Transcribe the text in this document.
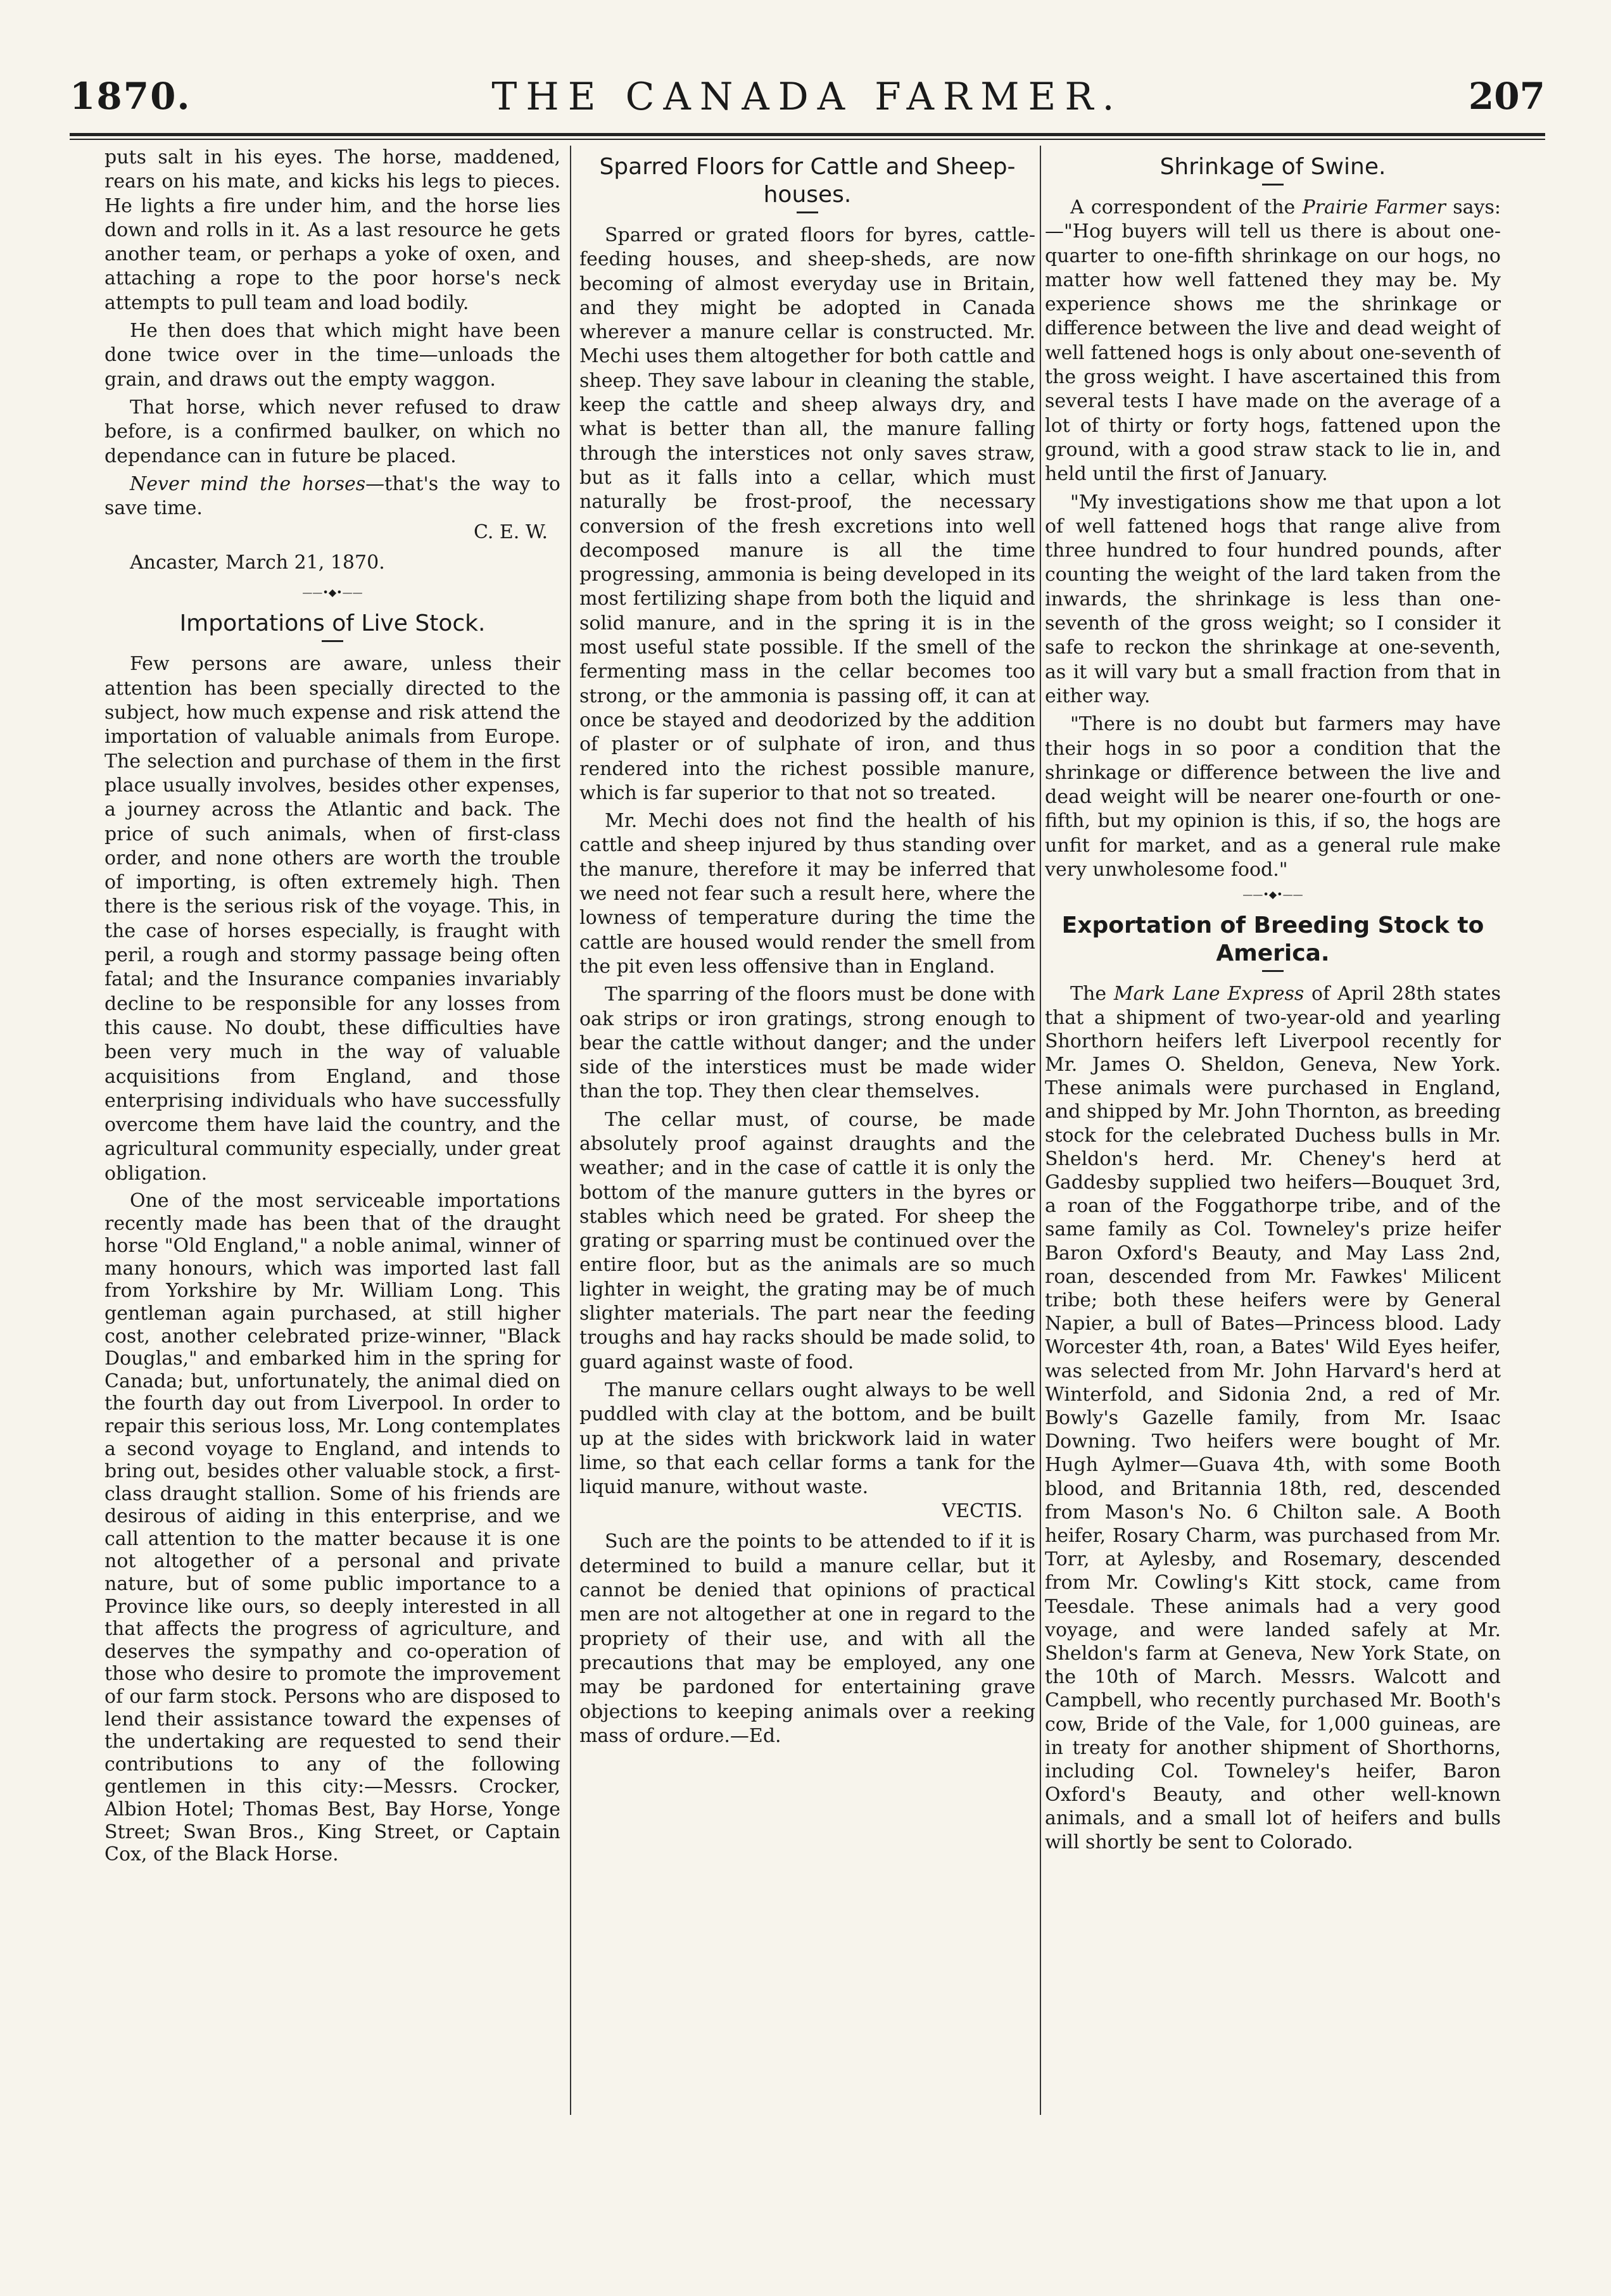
1870.	THE CANADA FARMER.	207

puts salt in his eyes. The horse, maddened, rears on his mate, and kicks his legs to pieces. He lights a fire under him, and the horse lies down and rolls in it. As a last resource he gets another team, or perhaps a yoke of oxen, and attaching a rope to the poor horse's neck attempts to pull team and load bodily.

He then does that which might have been done twice over in the time—unloads the grain, and draws out the empty waggon.

That horse, which never refused to draw before, is a confirmed baulker, on which no dependance can in future be placed.

Never mind the horses—that's the way to save time.

C. E. W.
Ancaster, March 21, 1870.
——•◆•——
Importations of Live Stock.

Few persons are aware, unless their attention has been specially directed to the subject, how much expense and risk attend the importation of valuable animals from Europe. The selection and purchase of them in the first place usually involves, besides other expenses, a journey across the Atlantic and back. The price of such animals, when of first-class order, and none others are worth the trouble of importing, is often extremely high. Then there is the serious risk of the voyage. This, in the case of horses especially, is fraught with peril, a rough and stormy passage being often fatal; and the Insurance companies invariably decline to be responsible for any losses from this cause. No doubt, these difficulties have been very much in the way of valuable acquisitions from England, and those enterprising individuals who have successfully overcome them have laid the country, and the agricultural community especially, under great obligation.

One of the most serviceable importations recently made has been that of the draught horse "Old England," a noble animal, winner of many honours, which was imported last fall from Yorkshire by Mr. William Long. This gentleman again purchased, at still higher cost, another celebrated prize-winner, "Black Douglas," and embarked him in the spring for Canada; but, unfortunately, the animal died on the fourth day out from Liverpool. In order to repair this serious loss, Mr. Long contemplates a second voyage to England, and intends to bring out, besides other valuable stock, a first-class draught stallion. Some of his friends are desirous of aiding in this enterprise, and we call attention to the matter because it is one not altogether of a personal and private nature, but of some public importance to a Province like ours, so deeply interested in all that affects the progress of agriculture, and deserves the sympathy and co-operation of those who desire to promote the improvement of our farm stock. Persons who are disposed to lend their assistance toward the expenses of the undertaking are requested to send their contributions to any of the following gentlemen in this city:—Messrs. Crocker, Albion Hotel; Thomas Best, Bay Horse, Yonge Street; Swan Bros., King Street, or Captain Cox, of the Black Horse.

Sparred Floors for Cattle and Sheep-houses.

Sparred or grated floors for byres, cattle-feeding houses, and sheep-sheds, are now becoming of almost everyday use in Britain, and they might be adopted in Canada wherever a manure cellar is constructed. Mr. Mechi uses them altogether for both cattle and sheep. They save labour in cleaning the stable, keep the cattle and sheep always dry, and what is better than all, the manure falling through the interstices not only saves straw, but as it falls into a cellar, which must naturally be frost-proof, the necessary conversion of the fresh excretions into well decomposed manure is all the time progressing, ammonia is being developed in its most fertilizing shape from both the liquid and solid manure, and in the spring it is in the most useful state possible. If the smell of the fermenting mass in the cellar becomes too strong, or the ammonia is passing off, it can at once be stayed and deodorized by the addition of plaster or of sulphate of iron, and thus rendered into the richest possible manure, which is far superior to that not so treated.

Mr. Mechi does not find the health of his cattle and sheep injured by thus standing over the manure, therefore it may be inferred that we need not fear such a result here, where the lowness of temperature during the time the cattle are housed would render the smell from the pit even less offensive than in England.

The sparring of the floors must be done with oak strips or iron gratings, strong enough to bear the cattle without danger; and the under side of the interstices must be made wider than the top. They then clear themselves.

The cellar must, of course, be made absolutely proof against draughts and the weather; and in the case of cattle it is only the bottom of the manure gutters in the byres or stables which need be grated. For sheep the grating or sparring must be continued over the entire floor, but as the animals are so much lighter in weight, the grating may be of much slighter materials. The part near the feeding troughs and hay racks should be made solid, to guard against waste of food.

The manure cellars ought always to be well puddled with clay at the bottom, and be built up at the sides with brickwork laid in water lime, so that each cellar forms a tank for the liquid manure, without waste.

VECTIS.

Such are the points to be attended to if it is determined to build a manure cellar, but it cannot be denied that opinions of practical men are not altogether at one in regard to the propriety of their use, and with all the precautions that may be employed, any one may be pardoned for entertaining grave objections to keeping animals over a reeking mass of ordure.—Ed.

Shrinkage of Swine.

A correspondent of the Prairie Farmer says:—"Hog buyers will tell us there is about one-quarter to one-fifth shrinkage on our hogs, no matter how well fattened they may be. My experience shows me the shrinkage or difference between the live and dead weight of well fattened hogs is only about one-seventh of the gross weight. I have ascertained this from several tests I have made on the average of a lot of thirty or forty hogs, fattened upon the ground, with a good straw stack to lie in, and held until the first of January.

"My investigations show me that upon a lot of well fattened hogs that range alive from three hundred to four hundred pounds, after counting the weight of the lard taken from the inwards, the shrinkage is less than one-seventh of the gross weight; so I consider it safe to reckon the shrinkage at one-seventh, as it will vary but a small fraction from that in either way.

"There is no doubt but farmers may have their hogs in so poor a condition that the shrinkage or difference between the live and dead weight will be nearer one-fourth or one-fifth, but my opinion is this, if so, the hogs are unfit for market, and as a general rule make very unwholesome food."

——•◆•——
Exportation of Breeding Stock to America.

The Mark Lane Express of April 28th states that a shipment of two-year-old and yearling Shorthorn heifers left Liverpool recently for Mr. James O. Sheldon, Geneva, New York. These animals were purchased in England, and shipped by Mr. John Thornton, as breeding stock for the celebrated Duchess bulls in Mr. Sheldon's herd. Mr. Cheney's herd at Gaddesby supplied two heifers—Bouquet 3rd, a roan of the Foggathorpe tribe, and of the same family as Col. Towneley's prize heifer Baron Oxford's Beauty, and May Lass 2nd, roan, descended from Mr. Fawkes' Milicent tribe; both these heifers were by General Napier, a bull of Bates—Princess blood. Lady Worcester 4th, roan, a Bates' Wild Eyes heifer, was selected from Mr. John Harvard's herd at Winterfold, and Sidonia 2nd, a red of Mr. Bowly's Gazelle family, from Mr. Isaac Downing. Two heifers were bought of Mr. Hugh Aylmer—Guava 4th, with some Booth blood, and Britannia 18th, red, descended from Mason's No. 6 Chilton sale. A Booth heifer, Rosary Charm, was purchased from Mr. Torr, at Aylesby, and Rosemary, descended from Mr. Cowling's Kitt stock, came from Teesdale. These animals had a very good voyage, and were landed safely at Mr. Sheldon's farm at Geneva, New York State, on the 10th of March. Messrs. Walcott and Campbell, who recently purchased Mr. Booth's cow, Bride of the Vale, for 1,000 guineas, are in treaty for another shipment of Shorthorns, including Col. Towneley's heifer, Baron Oxford's Beauty, and other well-known animals, and a small lot of heifers and bulls will shortly be sent to Colorado.
